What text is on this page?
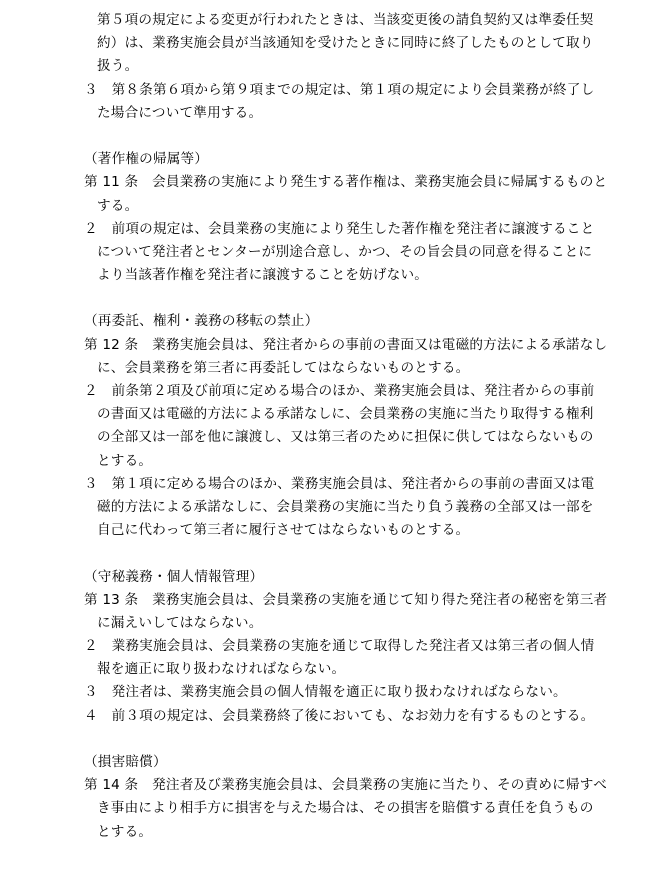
第５項の規定による変更が行われたときは、当該変更後の請負契約又は準委任契
約）は、業務実施会員が当該通知を受けたときに同時に終了したものとして取り
扱う。
３　第８条第６項から第９項までの規定は、第１項の規定により会員業務が終了し
た場合について準用する。
（著作権の帰属等）
第 11 条　会員業務の実施により発生する著作権は、業務実施会員に帰属するものと
する。
２　前項の規定は、会員業務の実施により発生した著作権を発注者に譲渡すること
について発注者とセンターが別途合意し、かつ、その旨会員の同意を得ることに
より当該著作権を発注者に譲渡することを妨げない。
（再委託、権利・義務の移転の禁止）
第 12 条　業務実施会員は、発注者からの事前の書面又は電磁的方法による承諾なし
に、会員業務を第三者に再委託してはならないものとする。
２　前条第２項及び前項に定める場合のほか、業務実施会員は、発注者からの事前
の書面又は電磁的方法による承諾なしに、会員業務の実施に当たり取得する権利
の全部又は一部を他に譲渡し、又は第三者のために担保に供してはならないもの
とする。
３　第１項に定める場合のほか、業務実施会員は、発注者からの事前の書面又は電
磁的方法による承諾なしに、会員業務の実施に当たり負う義務の全部又は一部を
自己に代わって第三者に履行させてはならないものとする。
（守秘義務・個人情報管理）
第 13 条　業務実施会員は、会員業務の実施を通じて知り得た発注者の秘密を第三者
に漏えいしてはならない。
２　業務実施会員は、会員業務の実施を通じて取得した発注者又は第三者の個人情
報を適正に取り扱わなければならない。
３　発注者は、業務実施会員の個人情報を適正に取り扱わなければならない。
４　前３項の規定は、会員業務終了後においても、なお効力を有するものとする。
（損害賠償）
第 14 条　発注者及び業務実施会員は、会員業務の実施に当たり、その責めに帰すべ
き事由により相手方に損害を与えた場合は、その損害を賠償する責任を負うもの
とする。
